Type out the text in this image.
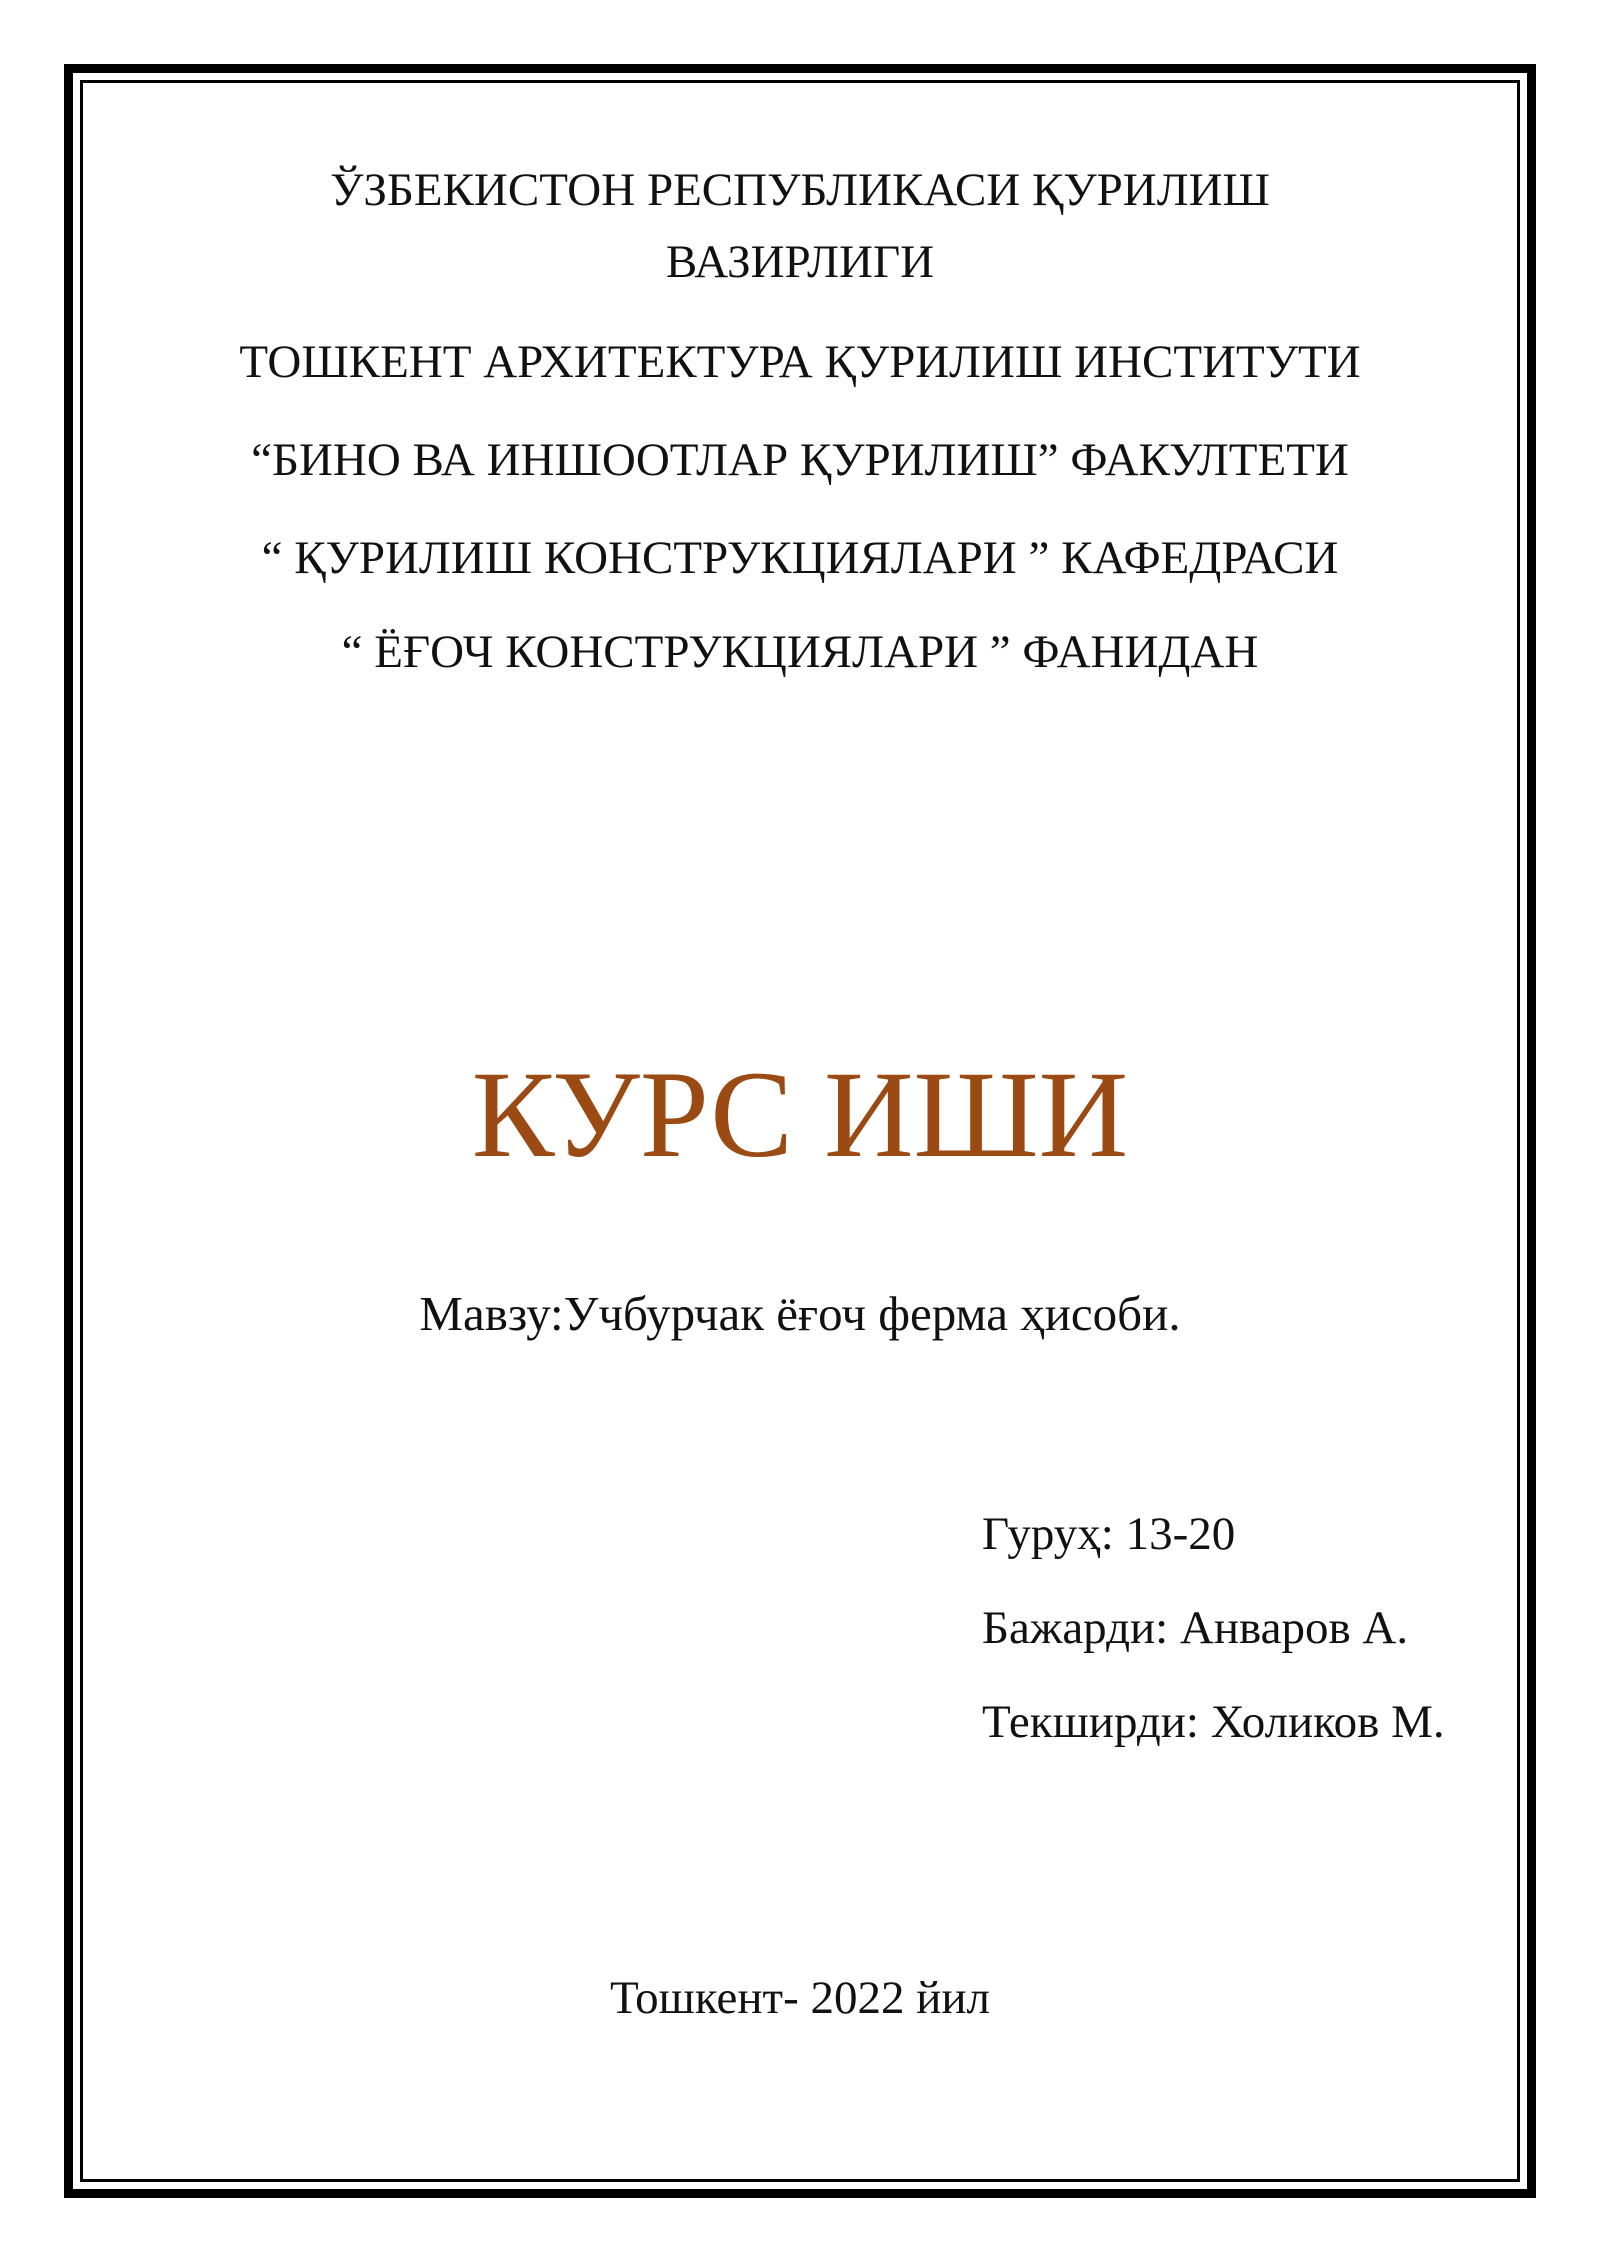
ЎЗБЕКИСТОН РЕСПУБЛИКАСИ ҚУРИЛИШ
ВАЗИРЛИГИ
ТОШКЕНТ АРХИТЕКТУРА ҚУРИЛИШ ИНСТИТУТИ
“БИНО ВА ИНШООТЛАР ҚУРИЛИШ” ФАКУЛТЕТИ
“ ҚУРИЛИШ КОНСТРУКЦИЯЛАРИ ” КАФЕДРАСИ
“ ЁҒОЧ КОНСТРУКЦИЯЛАРИ ” ФАНИДАН
КУРС ИШИ
Мавзу:Учбурчак ёғоч ферма ҳисоби.
Гуруҳ: 13-20
Бажарди: Анваров А.
Текширди: Холиков М.
Тошкент- 2022 йил
